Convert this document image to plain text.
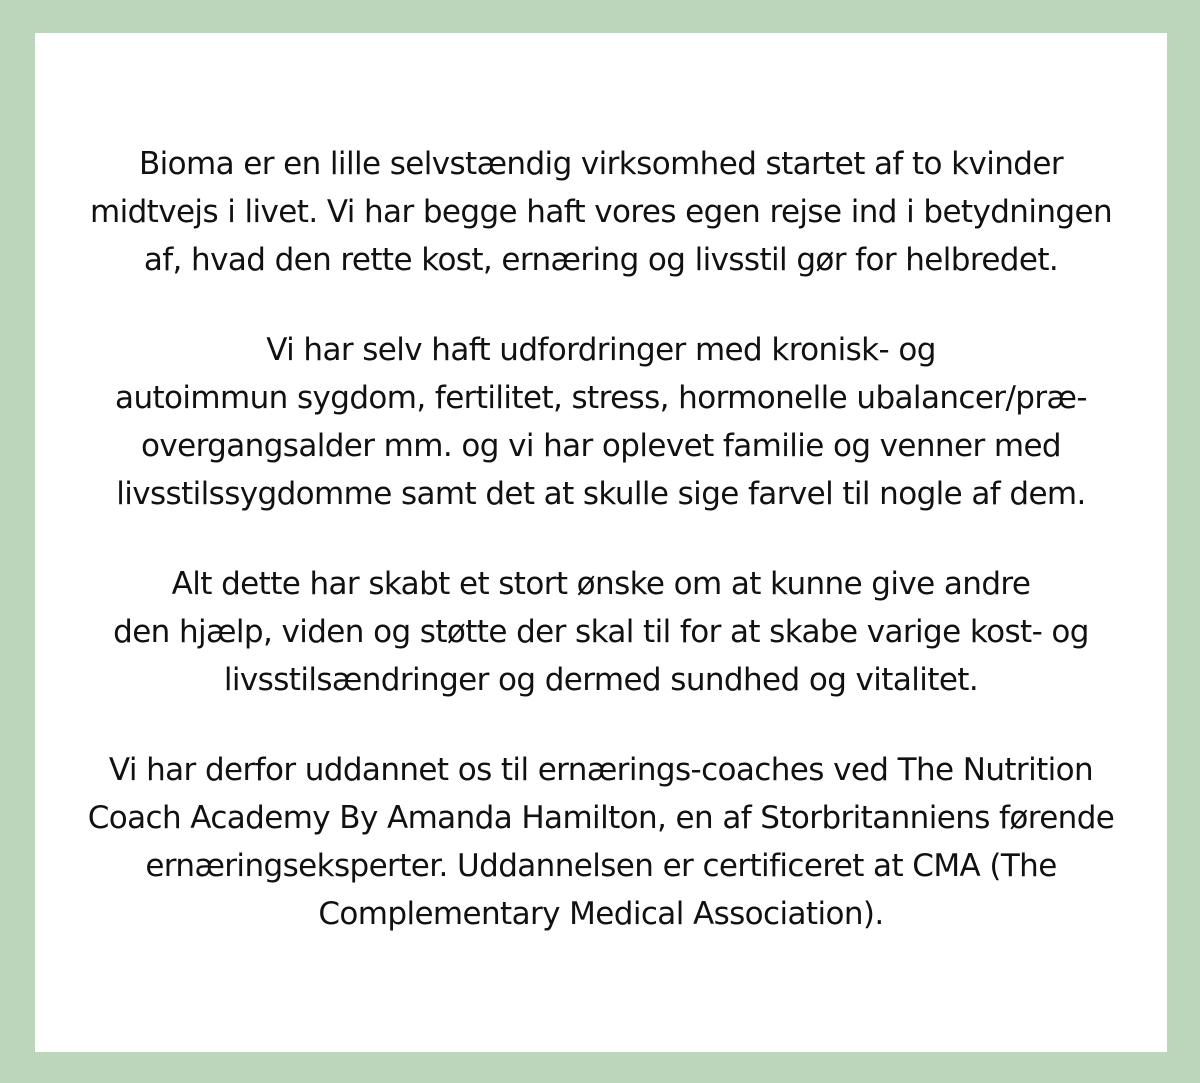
Bioma er en lille selvstændig virksomhed startet af to kvinder
midtvejs i livet. Vi har begge haft vores egen rejse ind i betydningen
af, hvad den rette kost, ernæring og livsstil gør for helbredet.

Vi har selv haft udfordringer med kronisk- og
autoimmun sygdom, fertilitet, stress, hormonelle ubalancer/præ-
overgangsalder mm. og vi har oplevet familie og venner med
livsstilssygdomme samt det at skulle sige farvel til nogle af dem.

Alt dette har skabt et stort ønske om at kunne give andre
den hjælp, viden og støtte der skal til for at skabe varige kost- og
livsstilsændringer og dermed sundhed og vitalitet.

Vi har derfor uddannet os til ernærings-coaches ved The Nutrition
Coach Academy By Amanda Hamilton, en af Storbritanniens førende
ernæringseksperter. Uddannelsen er certificeret at CMA (The
Complementary Medical Association).
